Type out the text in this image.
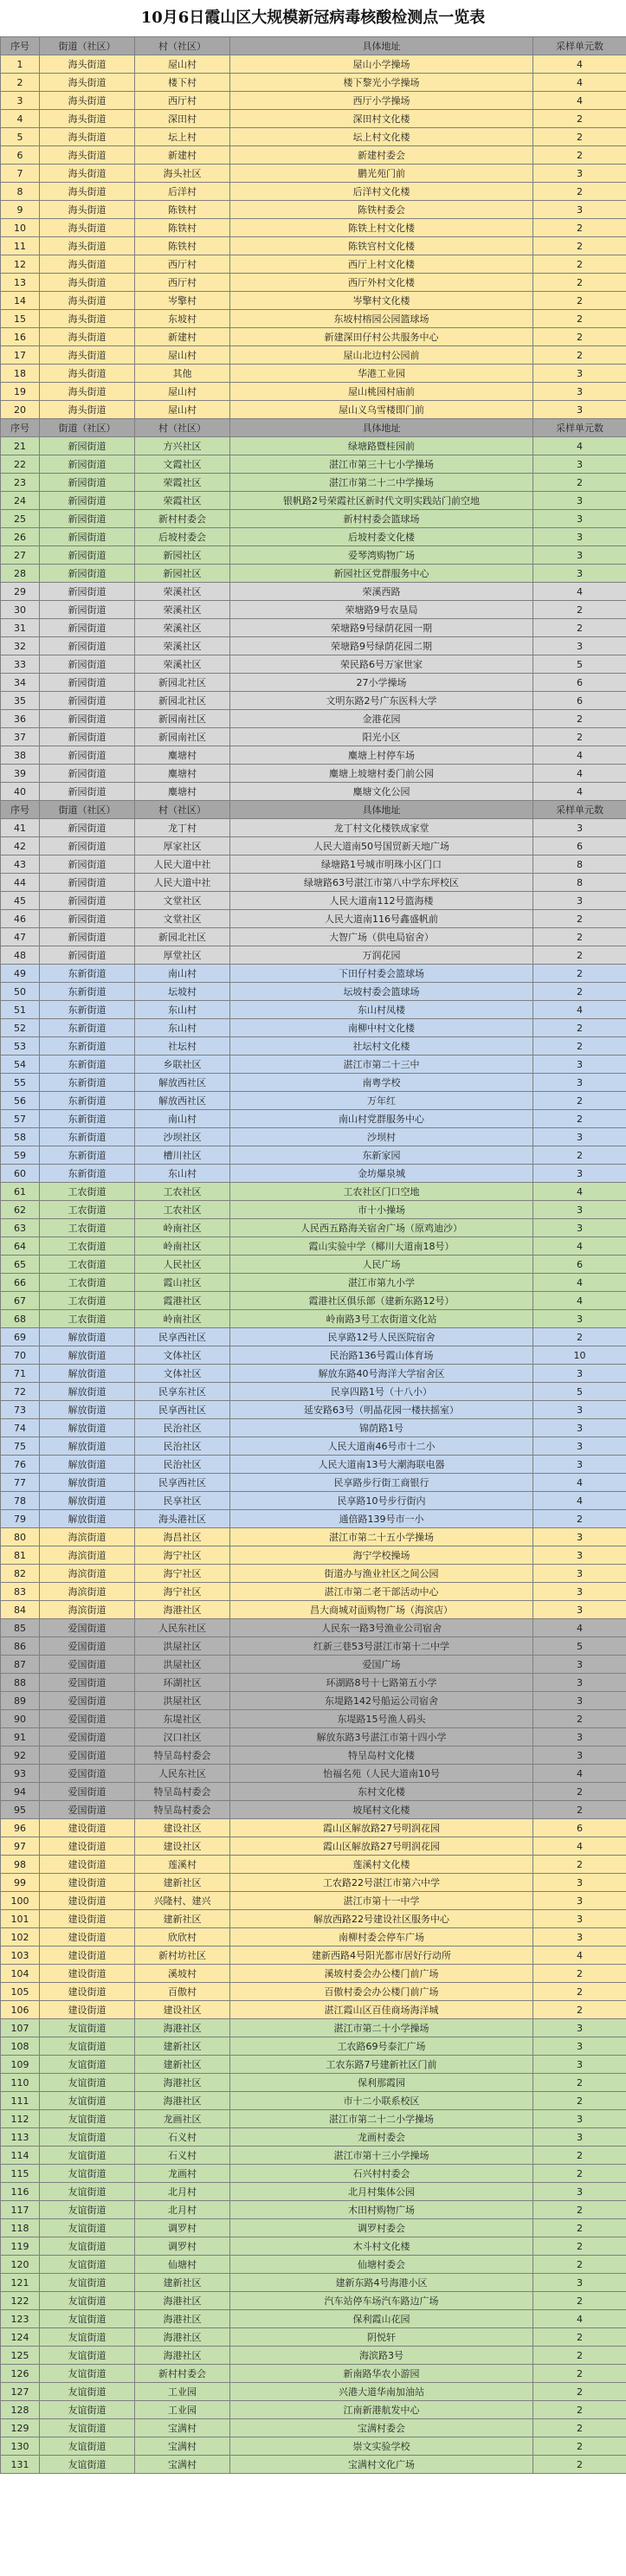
10月6日霞山区大规模新冠病毒核酸检测点一览表
序号	街道（社区）	村（社区）	具体地址	采样单元数
1	海头街道	屋山村	屋山小学操场	4
2	海头街道	楼下村	楼下黎光小学操场	4
3	海头街道	西厅村	西厅小学操场	4
4	海头街道	深田村	深田村文化楼	2
5	海头街道	坛上村	坛上村文化楼	2
6	海头街道	新建村	新建村委会	2
7	海头街道	海头社区	鹏光苑门前	3
8	海头街道	后洋村	后洋村文化楼	2
9	海头街道	陈铁村	陈铁村委会	3
10	海头街道	陈铁村	陈铁上村文化楼	2
11	海头街道	陈铁村	陈铁官村文化楼	2
12	海头街道	西厅村	西厅上村文化楼	2
13	海头街道	西厅村	西厅外村文化楼	2
14	海头街道	岑擎村	岑擎村文化楼	2
15	海头街道	东坡村	东坡村榕园公园篮球场	2
16	海头街道	新建村	新建深田仔村公共服务中心	2
17	海头街道	屋山村	屋山北边村公园前	2
18	海头街道	其他	华港工业园	3
19	海头街道	屋山村	屋山桃园村庙前	3
20	海头街道	屋山村	屋山义乌雪楼即门前	3
序号	街道（社区）	村（社区）	具体地址	采样单元数
21	新园街道	方兴社区	绿塘路暨桂园前	4
22	新园街道	文霞社区	湛江市第三十七小学操场	3
23	新园街道	荣霞社区	湛江市第二十二中学操场	2
24	新园街道	荣霞社区	银帆路2号荣霞社区新时代文明实践站门前空地	3
25	新园街道	新村村委会	新村村委会篮球场	3
26	新园街道	后坡村委会	后坡村委文化楼	3
27	新园街道	新园社区	爱琴湾购物广场	3
28	新园街道	新园社区	新园社区党群服务中心	3
29	新园街道	荣溪社区	荣溪西路	4
30	新园街道	荣溪社区	荣塘路9号农垦局	2
31	新园街道	荣溪社区	荣塘路9号绿荫花园一期	2
32	新园街道	荣溪社区	荣塘路9号绿荫花园二期	3
33	新园街道	荣溪社区	荣民路6号万家世家	5
34	新园街道	新园北社区	27小学操场	6
35	新园街道	新园北社区	文明东路2号广东医科大学	6
36	新园街道	新园南社区	金港花园	2
37	新园街道	新园南社区	阳光小区	2
38	新园街道	麋塘村	麋塘上村停车场	4
39	新园街道	麋塘村	麋塘上坡塘村委门前公园	4
40	新园街道	麋塘村	麋塘文化公园	4
序号	街道（社区）	村（社区）	具体地址	采样单元数
41	新园街道	龙丁村	龙丁村文化楼铁成家堂	3
42	新园街道	厚家社区	人民大道南50号国贸新天地广场	6
43	新园街道	人民大道中社	绿塘路1号城市明珠小区门口	8
44	新园街道	人民大道中社	绿塘路63号湛江市第八中学东坪校区	8
45	新园街道	文堂社区	人民大道南112号篮海楼	3
46	新园街道	文堂社区	人民大道南116号鑫盛帆前	2
47	新园街道	新园北社区	大智广场（供电局宿舍）	2
48	新园街道	厚堂社区	万润花园	2
49	东新街道	南山村	下田仔村委会篮球场	2
50	东新街道	坛坡村	坛坡村委会篮球场	2
51	东新街道	东山村	东山村凤楼	4
52	东新街道	东山村	南柳中村文化楼	2
53	东新街道	社坛村	社坛村文化楼	2
54	东新街道	乡联社区	湛江市第二十三中	3
55	东新街道	解放西社区	南粤学校	3
56	东新街道	解放西社区	万年红	2
57	东新街道	南山村	南山村党群服务中心	2
58	东新街道	沙坝社区	沙坝村	3
59	东新街道	槽川社区	东新家园	2
60	东新街道	东山村	金坊爆泉城	3
61	工农街道	工农社区	工农社区门口空地	4
62	工农街道	工农社区	市十小操场	3
63	工农街道	岭南社区	人民西五路海关宿舍广场（原鸡迪沙）	3
64	工农街道	岭南社区	霞山实验中学（椰川大道南18号）	4
65	工农街道	人民社区	人民广场	6
66	工农街道	霞山社区	湛江市第九小学	4
67	工农街道	霞港社区	霞港社区俱乐部（建新东路12号）	4
68	工农街道	岭南社区	岭南路3号工农街道文化站	3
69	解放街道	民享西社区	民享路12号人民医院宿舍	2
70	解放街道	文体社区	民治路136号霞山体育场	10
71	解放街道	文体社区	解放东路40号海洋大学宿舍区	3
72	解放街道	民享东社区	民享四路1号（十八小）	5
73	解放街道	民享西社区	延安路63号（明晶花园一楼扶摇室）	3
74	解放街道	民治社区	锦荫路1号	3
75	解放街道	民治社区	人民大道南46号市十二小	3
76	解放街道	民治社区	人民大道南13号大潮海联电器	3
77	解放街道	民享西社区	民享路步行街工商银行	4
78	解放街道	民享社区	民享路10号步行街内	4
79	解放街道	海头港社区	通倍路139号市一小	2
80	海滨街道	海昌社区	湛江市第二十五小学操场	3
81	海滨街道	海宁社区	海宁学校操场	3
82	海滨街道	海宁社区	街道办与渔业社区之间公园	3
83	海滨街道	海宁社区	湛江市第二老干部活动中心	3
84	海滨街道	海港社区	昌大商城对面购物广场（海滨店）	3
85	爱国街道	人民东社区	人民东一路3号渔业公司宿舍	4
86	爱国街道	洪屋社区	红新三巷53号湛江市第十二中学	5
87	爱国街道	洪屋社区	爱国广场	3
88	爱国街道	环湖社区	环湖路8号十七路第五小学	3
89	爱国街道	洪屋社区	东堤路142号船运公司宿舍	3
90	爱国街道	东堤社区	东堤路15号渔人码头	2
91	爱国街道	汉口社区	解放东路3号湛江市第十四小学	3
92	爱国街道	特呈岛村委会	特呈岛村文化楼	3
93	爱国街道	人民东社区	怡福名苑（人民大道南10号	4
94	爱国街道	特呈岛村委会	东村文化楼	2
95	爱国街道	特呈岛村委会	坡尾村文化楼	2
96	建设街道	建设社区	霞山区解放路27号明润花园	6
97	建设街道	建设社区	霞山区解放路27号明润花园	4
98	建设街道	莲溪村	莲溪村文化楼	2
99	建设街道	建新社区	工农路22号湛江市第六中学	3
100	建设街道	兴隆村、建兴	湛江市第十一中学	3
101	建设街道	建新社区	解放西路22号建设社区服务中心	3
102	建设街道	欣欣村	南柳村委会停车广场	3
103	建设街道	新村坊社区	建新西路4号阳光都市居好行动所	4
104	建设街道	溪坡村	溪坡村委会办公楼门前广场	2
105	建设街道	百傲村	百傲村委会办公楼门前广场	2
106	建设街道	建设社区	湛江霞山区百佳商场海洋城	2
107	友谊街道	海港社区	湛江市第二十小学操场	3
108	友谊街道	建新社区	工农路69号泰汇广场	3
109	友谊街道	建新社区	工农东路7号建新社区门前	3
110	友谊街道	海港社区	保利那霞园	2
111	友谊街道	海港社区	市十二小联系校区	2
112	友谊街道	龙画社区	湛江市第二十二小学操场	3
113	友谊街道	石义村	龙画村委会	3
114	友谊街道	石义村	湛江市第十三小学操场	2
115	友谊街道	龙画村	石兴村村委会	2
116	友谊街道	北月村	北月村集体公园	3
117	友谊街道	北月村	木田村购物广场	2
118	友谊街道	调罗村	调罗村委会	2
119	友谊街道	调罗村	木斗村文化楼	2
120	友谊街道	仙塘村	仙塘村委会	2
121	友谊街道	建新社区	建新东路4号海港小区	3
122	友谊街道	海港社区	汽车站停车场汽车路边广场	2
123	友谊街道	海港社区	保利霞山花园	4
124	友谊街道	海港社区	阴悦轩	2
125	友谊街道	海港社区	海滨路3号	2
126	友谊街道	新村村委会	新南路华农小游园	2
127	友谊街道	工业园	兴港大道华南加油站	2
128	友谊街道	工业园	江南新港航发中心	2
129	友谊街道	宝满村	宝满村委会	2
130	友谊街道	宝满村	崇文实验学校	2
131	友谊街道	宝满村	宝满村文化广场	2
